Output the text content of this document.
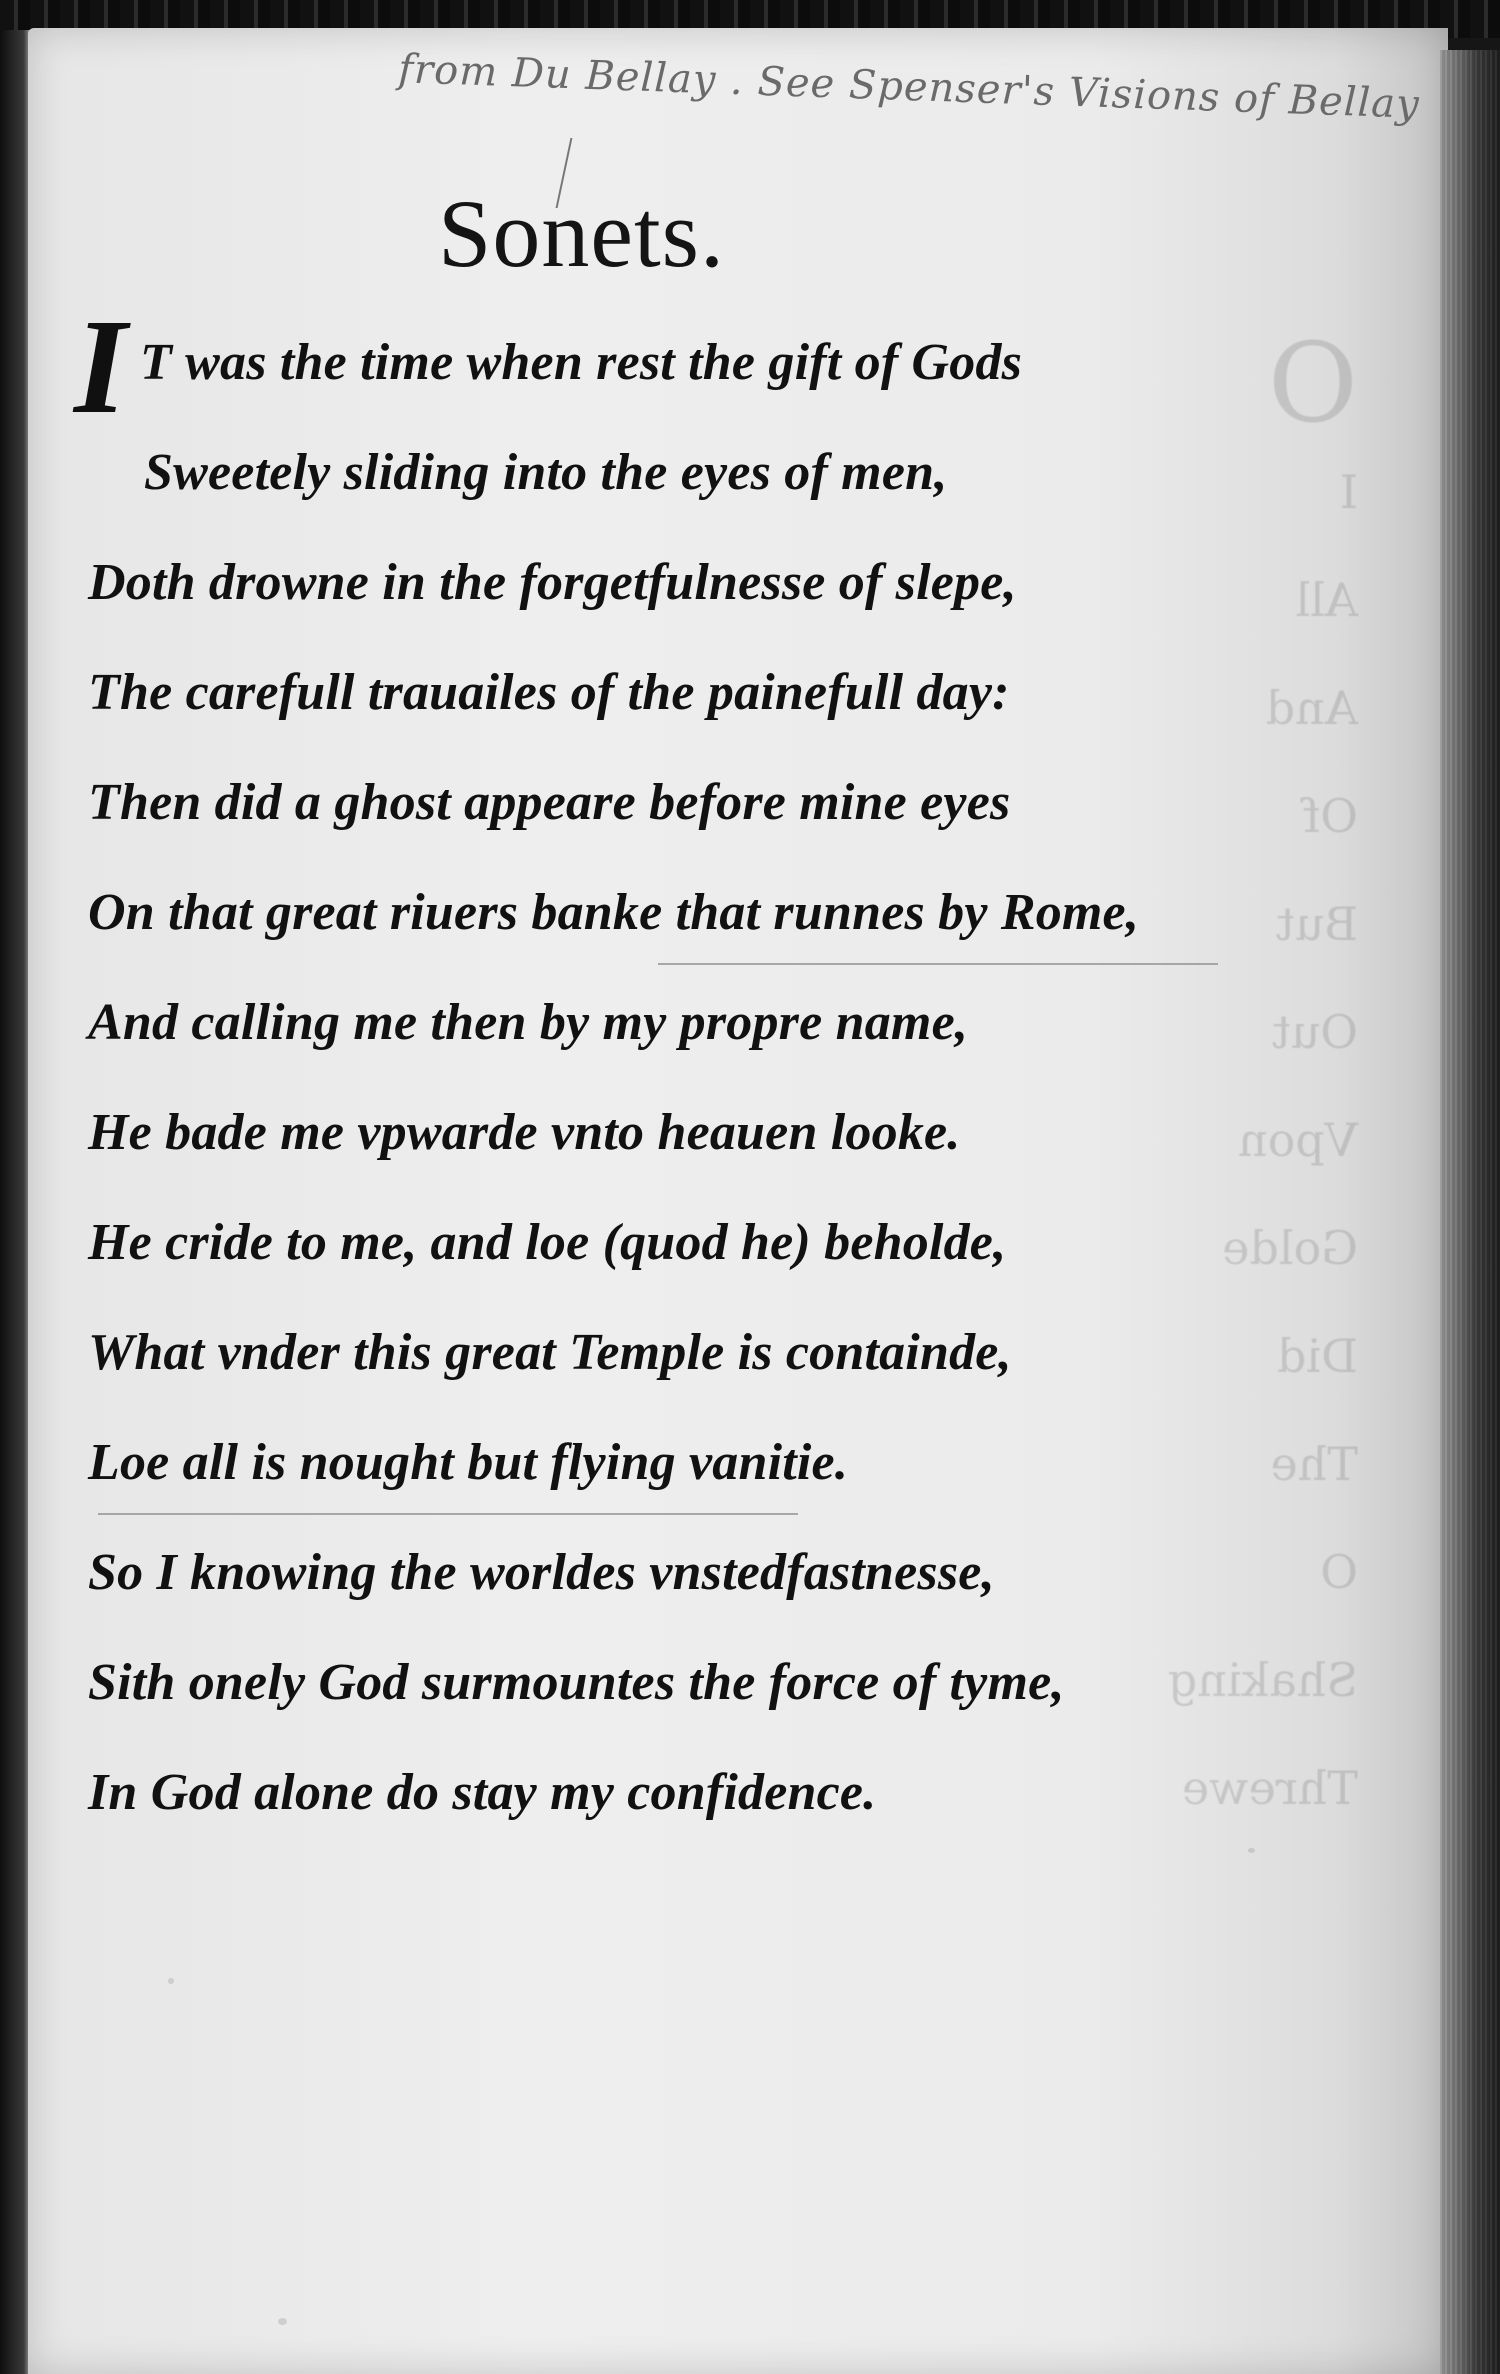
O
I
All
And
Of
But
Out
Vpon
Golde
Did
The
O
Shaking
Threwe
from Du Bellay . See Spenser's Visions of Bellay
Sonets.
I T was the time when rest the gift of Gods
Sweetely sliding into the eyes of men,
Doth drowne in the forgetfulnesse of slepe,
The carefull trauailes of the painefull day:
Then did a ghost appeare before mine eyes
On that great riuers banke that runnes by Rome,
And calling me then by my propre name,
He bade me vpwarde vnto heauen looke.
He cride to me, and loe (quod he) beholde,
What vnder this great Temple is containde,
Loe all is nought but flying vanitie.
So I knowing the worldes vnstedfastnesse,
Sith onely God surmountes the force of tyme,
In God alone do stay my confidence.
